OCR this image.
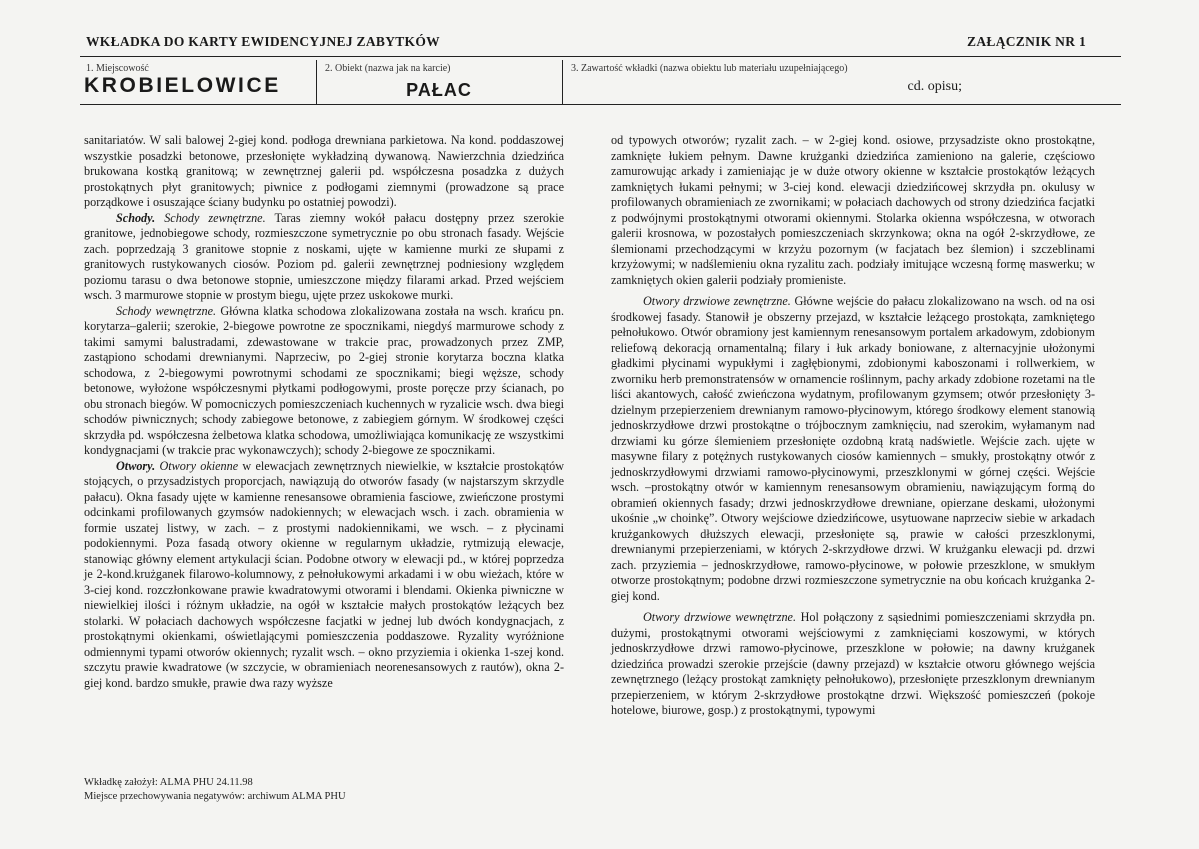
WKŁADKA DO KARTY EWIDENCYJNEJ ZABYTKÓW	ZAŁĄCZNIK NR 1
1. Miejscowość
KROBIELOWICE
2. Obiekt (nazwa jak na karcie)
PAŁAC
3. Zawartość wkładki (nazwa obiektu lub materiału uzupełniającego)
cd. opisu;

sanitariatów. W sali balowej 2-giej kond. podłoga drewniana parkietowa. Na kond. poddaszowej wszystkie posadzki betonowe, przesłonięte wykładziną dywanową. Nawierzchnia dziedzińca brukowana kostką granitową; w zewnętrznej galerii pd. współczesna posadzka z dużych prostokątnych płyt granitowych; piwnice z podłogami ziemnymi (prowadzone są prace porządkowe i osuszające ściany budynku po ostatniej powodzi).

Schody. Schody zewnętrzne. Taras ziemny wokół pałacu dostępny przez szerokie granitowe, jednobiegowe schody, rozmieszczone symetrycznie po obu stronach fasady. Wejście zach. poprzedzają 3 granitowe stopnie z noskami, ujęte w kamienne murki ze słupami z granitowych rustykowanych ciosów. Poziom pd. galerii zewnętrznej podniesiony względem poziomu tarasu o dwa betonowe stopnie, umieszczone między filarami arkad. Przed wejściem wsch. 3 marmurowe stopnie w prostym biegu, ujęte przez uskokowe murki.

Schody wewnętrzne. Główna klatka schodowa zlokalizowana została na wsch. krańcu pn. korytarza–galerii; szerokie, 2-biegowe powrotne ze spocznikami, niegdyś marmurowe schody z takimi samymi balustradami, zdewastowane w trakcie prac, prowadzonych przez ZMP, zastąpiono schodami drewnianymi. Naprzeciw, po 2-giej stronie korytarza boczna klatka schodowa, z 2-biegowymi powrotnymi schodami ze spocznikami; biegi węższe, schody betonowe, wyłożone współczesnymi płytkami podłogowymi, proste poręcze przy ścianach, po obu stronach biegów. W pomocniczych pomieszczeniach kuchennych w ryzalicie wsch. dwa biegi schodów piwnicznych; schody zabiegowe betonowe, z zabiegiem górnym. W środkowej części skrzydła pd. współczesna żelbetowa klatka schodowa, umożliwiająca komunikację ze wszystkimi kondygnacjami (w trakcie prac wykonawczych); schody 2-biegowe ze spocznikami.

Otwory. Otwory okienne w elewacjach zewnętrznych niewielkie, w kształcie prostokątów stojących, o przysadzistych proporcjach, nawiązują do otworów fasady (w najstarszym skrzydle pałacu). Okna fasady ujęte w kamienne renesansowe obramienia fasciowe, zwieńczone prostymi odcinkami profilowanych gzymsów nadokiennych; w elewacjach wsch. i zach. obramienia w formie uszatej listwy, w zach. – z prostymi nadokiennikami, we wsch. – z płycinami podokiennymi. Poza fasadą otwory okienne w regularnym układzie, rytmizują elewacje, stanowiąc główny element artykulacji ścian. Podobne otwory w elewacji pd., w której poprzedza je 2-kond.krużganek filarowo-kolumnowy, z pełnołukowymi arkadami i w obu wieżach, które w 3-ciej kond. rozczłonkowane prawie kwadratowymi otworami i blendami. Okienka piwniczne w niewielkiej ilości i różnym układzie, na ogół w kształcie małych prostokątów leżących bez stolarki. W połaciach dachowych współczesne facjatki w jednej lub dwóch kondygnacjach, z prostokątnymi okienkami, oświetlającymi pomieszczenia poddaszowe. Ryzality wyróżnione odmiennymi typami otworów okiennych; ryzalit wsch. – okno przyziemia i okienka 1-szej kond. szczytu prawie kwadratowe (w szczycie, w obramieniach neorenesansowych z rautów), okna 2-giej kond. bardzo smukłe, prawie dwa razy wyższe

od typowych otworów; ryzalit zach. – w 2-giej kond. osiowe, przysadziste okno prostokątne, zamknięte łukiem pełnym. Dawne krużganki dziedzińca zamieniono na galerie, częściowo zamurowując arkady i zamieniając je w duże otwory okienne w kształcie prostokątów leżących zamkniętych łukami pełnymi; w 3-ciej kond. elewacji dziedzińcowej skrzydła pn. okulusy w profilowanych obramieniach ze zwornikami; w połaciach dachowych od strony dziedzińca facjatki z podwójnymi prostokątnymi otworami okiennymi. Stolarka okienna współczesna, w otworach galerii krosnowa, w pozostałych pomieszczeniach skrzynkowa; okna na ogół 2-skrzydłowe, ze ślemionami przechodzącymi w krzyżu pozornym (w facjatach bez ślemion) i szczeblinami krzyżowymi; w nadślemieniu okna ryzalitu zach. podziały imitujące wczesną formę maswerku; w zamkniętych okien galerii podziały promieniste.

Otwory drzwiowe zewnętrzne. Główne wejście do pałacu zlokalizowano na wsch. od na osi środkowej fasady. Stanowił je obszerny przejazd, w kształcie leżącego prostokąta, zamkniętego pełnołukowo. Otwór obramiony jest kamiennym renesansowym portalem arkadowym, zdobionym reliefową dekoracją ornamentalną; filary i łuk arkady boniowane, z alternacyjnie ułożonymi gładkimi płycinami wypukłymi i zagłębionymi, zdobionymi kaboszonami i rollwerkiem, w zworniku herb premonstratensów w ornamencie roślinnym, pachy arkady zdobione rozetami na tle liści akantowych, całość zwieńczona wydatnym, profilowanym gzymsem; otwór przesłonięty 3-dzielnym przepierzeniem drewnianym ramowo-płycinowym, którego środkowy element stanowią jednoskrzydłowe drzwi prostokątne o trójbocznym zamknięciu, nad szerokim, wyłamanym nad drzwiami ku górze ślemieniem przesłonięte ozdobną kratą nadświetle. Wejście zach. ujęte w masywne filary z potężnych rustykowanych ciosów kamiennych – smukły, prostokątny otwór z jednoskrzydłowymi drzwiami ramowo-płycinowymi, przeszklonymi w górnej części. Wejście wsch. –prostokątny otwór w kamiennym renesansowym obramieniu, nawiązującym formą do obramień okiennych fasady; drzwi jednoskrzydłowe drewniane, opierzane deskami, ułożonymi ukośnie „w choinkę”. Otwory wejściowe dziedzińcowe, usytuowane naprzeciw siebie w arkadach krużgankowych dłuższych elewacji, przesłonięte są, prawie w całości przeszklonymi, drewnianymi przepierzeniami, w których 2-skrzydłowe drzwi. W krużganku elewacji pd. drzwi zach. przyziemia – jednoskrzydłowe, ramowo-płycinowe, w połowie przeszklone, w smukłym otworze prostokątnym; podobne drzwi rozmieszczone symetrycznie na obu końcach krużganka 2-giej kond.

Otwory drzwiowe wewnętrzne. Hol połączony z sąsiednimi pomieszczeniami skrzydła pn. dużymi, prostokątnymi otworami wejściowymi z zamknięciami koszowymi, w których jednoskrzydłowe drzwi ramowo-płycinowe, przeszklone w połowie; na dawny krużganek dziedzińca prowadzi szerokie przejście (dawny przejazd) w kształcie otworu głównego wejścia zewnętrznego (leżący prostokąt zamknięty pełnołukowo), przesłonięte przeszklonym drewnianym przepierzeniem, w którym 2-skrzydłowe prostokątne drzwi. Większość pomieszczeń (pokoje hotelowe, biurowe, gosp.) z prostokątnymi, typowymi

Wkładkę założył: ALMA PHU 24.11.98
Miejsce przechowywania negatywów: archiwum ALMA PHU
